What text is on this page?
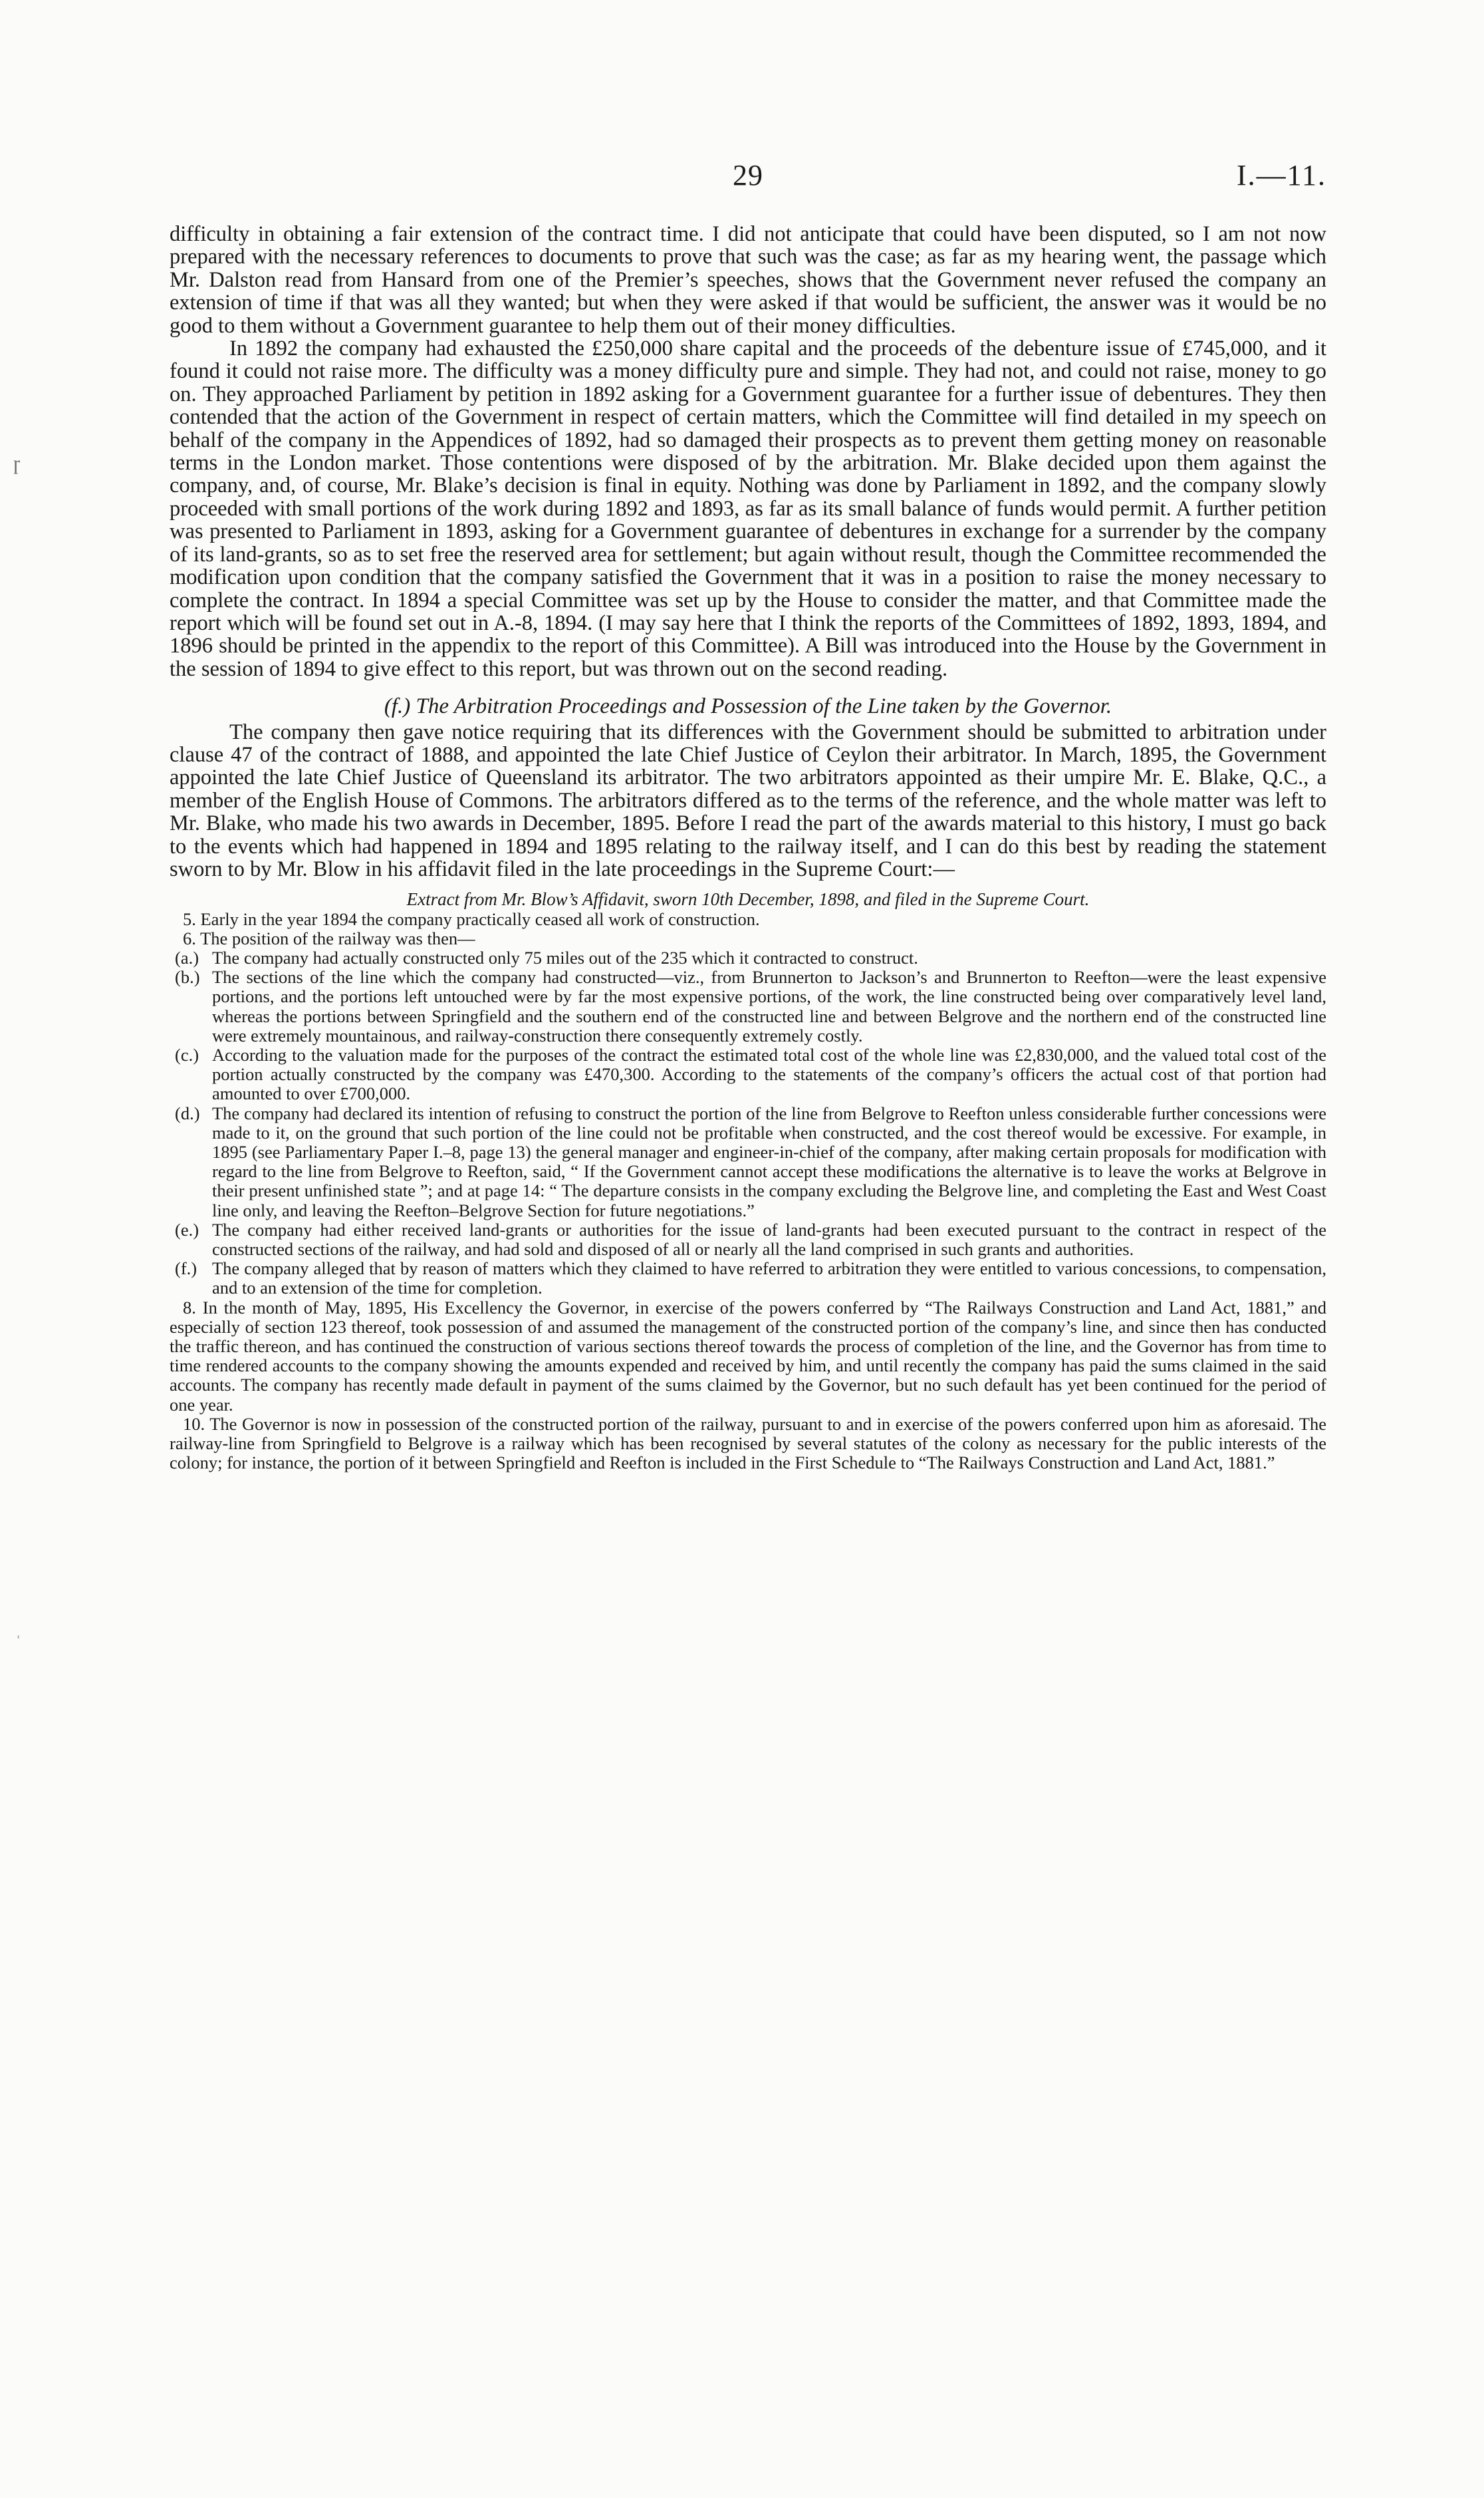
29	I.—11.
ɼ
ʿ

difficulty in obtaining a fair extension of the contract time. I did not anticipate that could have been disputed, so I am not now prepared with the necessary references to documents to prove that such was the case; as far as my hearing went, the passage which Mr. Dalston read from Hansard from one of the Premier’s speeches, shows that the Government never refused the company an extension of time if that was all they wanted; but when they were asked if that would be sufficient, the answer was it would be no good to them without a Government guarantee to help them out of their money difficulties.

In 1892 the company had exhausted the £250,000 share capital and the proceeds of the debenture issue of £745,000, and it found it could not raise more. The difficulty was a money difficulty pure and simple. They had not, and could not raise, money to go on. They approached Parliament by petition in 1892 asking for a Government guarantee for a further issue of debentures. They then contended that the action of the Government in respect of certain matters, which the Committee will find detailed in my speech on behalf of the company in the Appendices of 1892, had so damaged their prospects as to prevent them getting money on reasonable terms in the London market. Those contentions were disposed of by the arbitration. Mr. Blake decided upon them against the company, and, of course, Mr. Blake’s decision is final in equity. Nothing was done by Parliament in 1892, and the company slowly proceeded with small portions of the work during 1892 and 1893, as far as its small balance of funds would permit. A further petition was presented to Parliament in 1893, asking for a Government guarantee of debentures in exchange for a surrender by the company of its land-grants, so as to set free the reserved area for settlement; but again without result, though the Committee recommended the modification upon condition that the company satisfied the Government that it was in a position to raise the money necessary to complete the contract. In 1894 a special Committee was set up by the House to consider the matter, and that Committee made the report which will be found set out in A.-8, 1894. (I may say here that I think the reports of the Committees of 1892, 1893, 1894, and 1896 should be printed in the appendix to the report of this Committee). A Bill was introduced into the House by the Government in the session of 1894 to give effect to this report, but was thrown out on the second reading.

(f.) The Arbitration Proceedings and Possession of the Line taken by the Governor.

The company then gave notice requiring that its differences with the Government should be submitted to arbitration under clause 47 of the contract of 1888, and appointed the late Chief Justice of Ceylon their arbitrator. In March, 1895, the Government appointed the late Chief Justice of Queensland its arbitrator. The two arbitrators appointed as their umpire Mr. E. Blake, Q.C., a member of the English House of Commons. The arbitrators differed as to the terms of the reference, and the whole matter was left to Mr. Blake, who made his two awards in December, 1895. Before I read the part of the awards material to this history, I must go back to the events which had happened in 1894 and 1895 relating to the railway itself, and I can do this best by reading the statement sworn to by Mr. Blow in his affidavit filed in the late proceedings in the Supreme Court:—

Extract from Mr. Blow’s Affidavit, sworn 10th December, 1898, and filed in the Supreme Court.

5. Early in the year 1894 the company practically ceased all work of construction.

6. The position of the railway was then—

(a.) The company had actually constructed only 75 miles out of the 235 which it contracted to construct.
(b.) The sections of the line which the company had constructed—viz., from Brunnerton to Jackson’s and Brunnerton to Reefton—were the least expensive portions, and the portions left untouched were by far the most expensive portions, of the work, the line constructed being over comparatively level land, whereas the portions between Springfield and the southern end of the constructed line and between Belgrove and the northern end of the constructed line were extremely mountainous, and railway-construction there consequently extremely costly.
(c.) According to the valuation made for the purposes of the contract the estimated total cost of the whole line was £2,830,000, and the valued total cost of the portion actually constructed by the company was £470,300. According to the statements of the company’s officers the actual cost of that portion had amounted to over £700,000.
(d.) The company had declared its intention of refusing to construct the portion of the line from Belgrove to Reefton unless considerable further concessions were made to it, on the ground that such portion of the line could not be profitable when constructed, and the cost thereof would be excessive. For example, in 1895 (see Parliamentary Paper I.–8, page 13) the general manager and engineer-in-chief of the company, after making certain proposals for modification with regard to the line from Belgrove to Reefton, said, “ If the Government cannot accept these modifications the alternative is to leave the works at Belgrove in their present unfinished state ”; and at page 14: “ The departure consists in the company excluding the Belgrove line, and completing the East and West Coast line only, and leaving the Reefton–Belgrove Section for future negotiations.”
(e.) The company had either received land-grants or authorities for the issue of land-grants had been executed pursuant to the contract in respect of the constructed sections of the railway, and had sold and disposed of all or nearly all the land comprised in such grants and authorities.
(f.) The company alleged that by reason of matters which they claimed to have referred to arbitration they were entitled to various concessions, to compensation, and to an extension of the time for completion.

8. In the month of May, 1895, His Excellency the Governor, in exercise of the powers conferred by “The Railways Construction and Land Act, 1881,” and especially of section 123 thereof, took possession of and assumed the management of the constructed portion of the company’s line, and since then has conducted the traffic thereon, and has continued the construction of various sections thereof towards the process of completion of the line, and the Governor has from time to time rendered accounts to the company showing the amounts expended and received by him, and until recently the company has paid the sums claimed in the said accounts. The company has recently made default in payment of the sums claimed by the Governor, but no such default has yet been continued for the period of one year.

10. The Governor is now in possession of the constructed portion of the railway, pursuant to and in exercise of the powers conferred upon him as aforesaid. The railway-line from Springfield to Belgrove is a railway which has been recognised by several statutes of the colony as necessary for the public interests of the colony; for instance, the portion of it between Springfield and Reefton is included in the First Schedule to “The Railways Construction and Land Act, 1881.”
